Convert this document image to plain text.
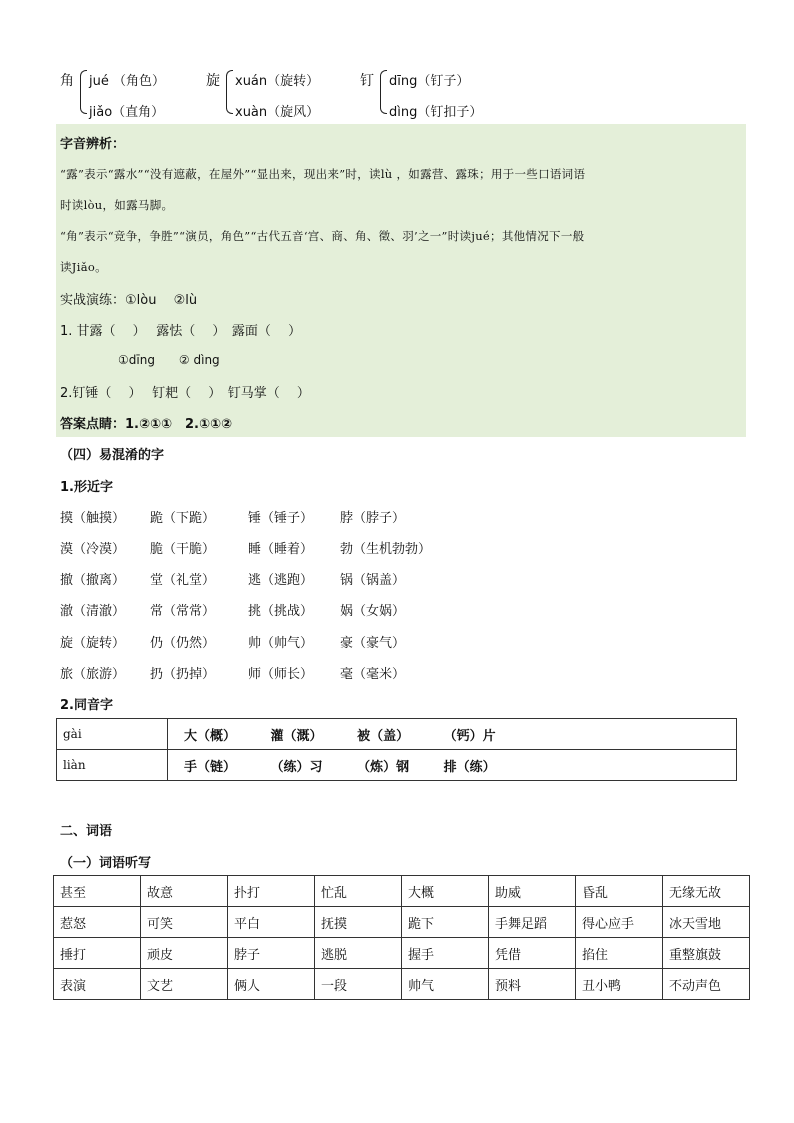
角 jué （角色）
jiǎo（直角）
旋 xuán（旋转）
xuàn（旋风）
钉 dīng（钉子）
dìng（钉扣子）
字音辨析：
“露”表示“露水”“没有遮蔽，在屋外”“显出来，现出来”时，读lù ，如露营、露珠；用于一些口语词语
时读lòu，如露马脚。
“角”表示“竞争，争胜”“演员，角色”“古代五音‘宫、商、角、徵、羽’之一”时读jué；其他情况下一般
读Jiǎo。
实战演练：①lòu　 ②lù
1. 甘露（　 ）　 露怯（　 ）　露面（　 ）
①dīng　　② dìng
2.钉锤（　 ）　 钉耙（　 ）　钉马掌（　 ）
答案点睛：1.②①①　2.①①②
（四）易混淆的字
1.形近字
摸（触摸） 跪（下跪）	锤（锤子） 脖（脖子）
漠（冷漠） 脆（干脆）	睡（睡着） 勃（生机勃勃）
撤（撤离） 堂（礼堂）	逃（逃跑） 锅（锅盖）
澈（清澈） 常（常常）	挑（挑战） 娲（女娲）
旋（旋转） 仍（仍然）	帅（帅气） 豪（豪气）
旅（旅游） 扔（扔掉）	师（师长） 毫（毫米）
2.同音字
gài	大（概） 灌（溉） 被（盖） （钙）片
liàn	手（链） （练）习 （炼）钢 排（练）
二、词语
（一）词语听写
甚至	故意	扑打	忙乱	大概	助威	昏乱	无缘无故
惹怒	可笑	平白	抚摸	跪下	手舞足蹈	得心应手	冰天雪地
捶打	顽皮	脖子	逃脱	握手	凭借	掐住	重整旗鼓
表演	文艺	俩人	一段	帅气	预料	丑小鸭	不动声色
